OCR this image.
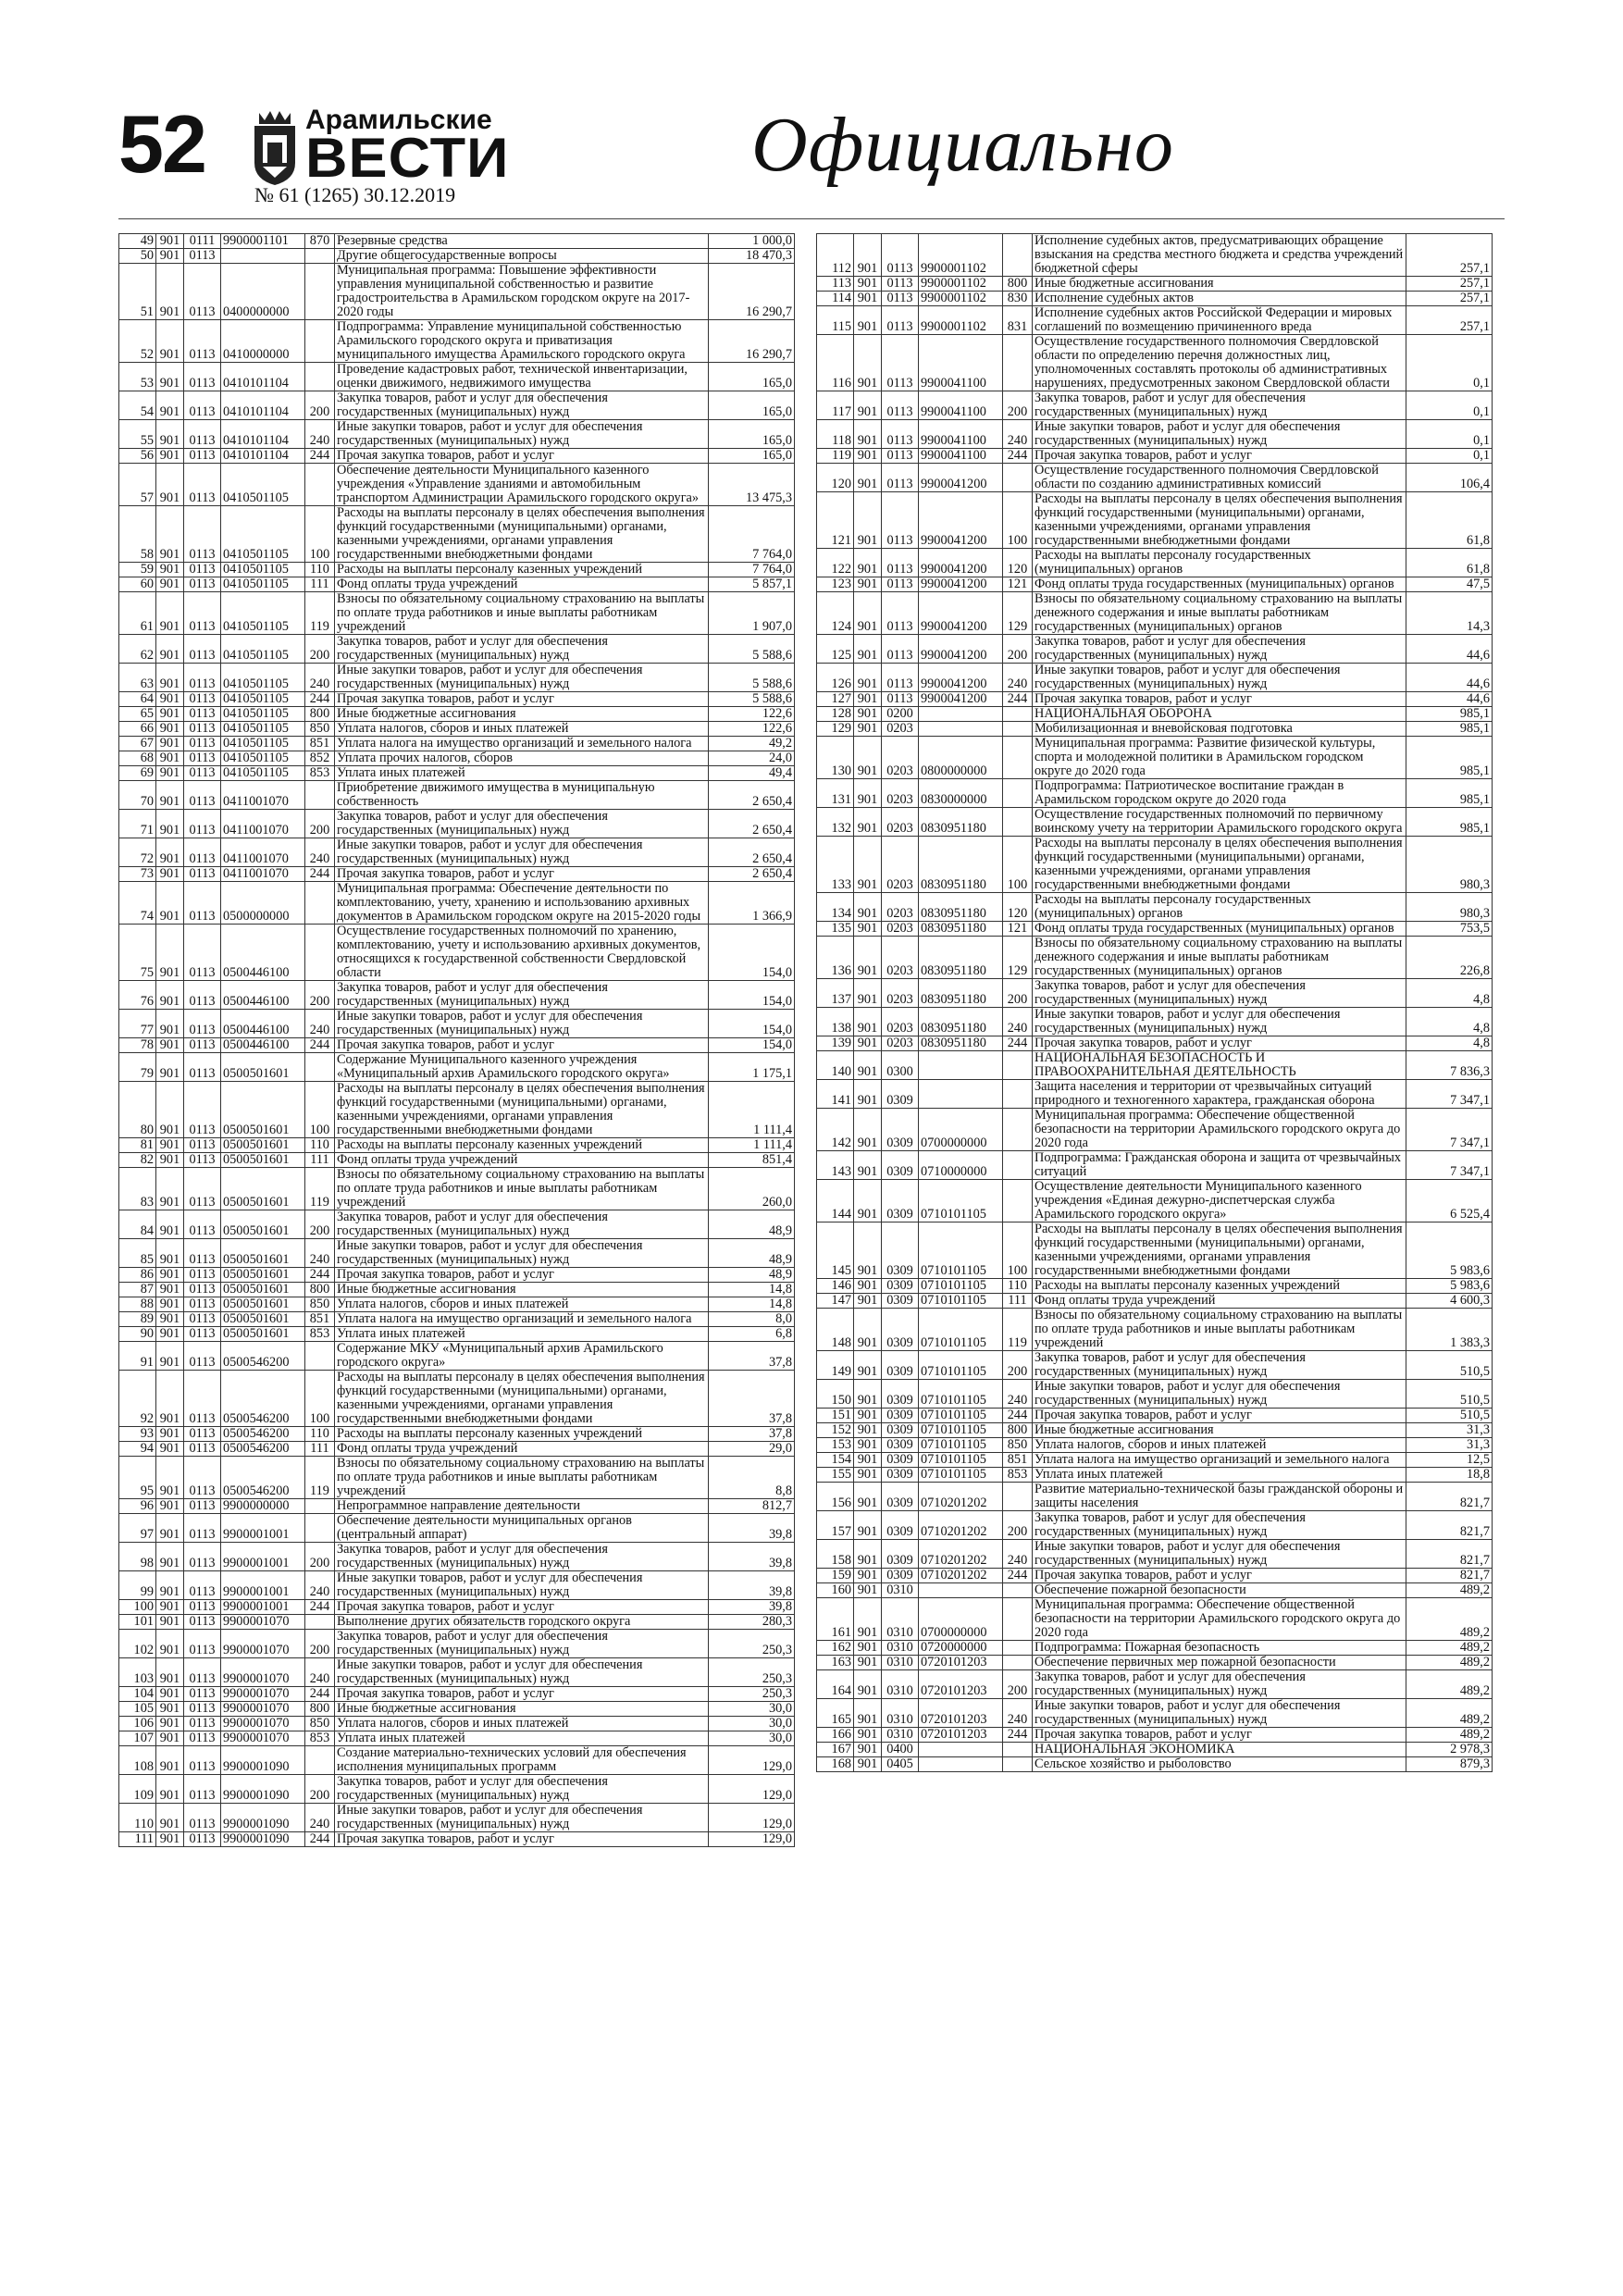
52	Арамильские
ВЕСТИ
№ 61 (1265) 30.12.2019
Официально
49	901	0111	9900001101	870	Резервные средства	1 000,0
50	901	0113			Другие общегосударственные вопросы	18 470,3
51	901	0113	0400000000		Муниципальная программа: Повышение эффективности управления муниципальной собственностью и развитие градостроительства в Арамильском городском округе на 2017-2020 годы	16 290,7
52	901	0113	0410000000		Подпрограмма: Управление муниципальной собственностью Арамильского городского округа и приватизация муниципального имущества Арамильского городского округа	16 290,7
53	901	0113	0410101104		Проведение кадастровых работ, технической инвентаризации, оценки движимого, недвижимого имущества	165,0
54	901	0113	0410101104	200	Закупка товаров, работ и услуг для обеспечения государственных (муниципальных) нужд	165,0
55	901	0113	0410101104	240	Иные закупки товаров, работ и услуг для обеспечения государственных (муниципальных) нужд	165,0
56	901	0113	0410101104	244	Прочая закупка товаров, работ и услуг	165,0
57	901	0113	0410501105		Обеспечение деятельности Муниципального казенного учреждения «Управление зданиями и автомобильным транспортом Администрации Арамильского городского округа»	13 475,3
58	901	0113	0410501105	100	Расходы на выплаты персоналу в целях обеспечения выполнения функций государственными (муниципальными) органами, казенными учреждениями, органами управления государственными внебюджетными фондами	7 764,0
59	901	0113	0410501105	110	Расходы на выплаты персоналу казенных учреждений	7 764,0
60	901	0113	0410501105	111	Фонд оплаты труда учреждений	5 857,1
61	901	0113	0410501105	119	Взносы по обязательному социальному страхованию на выплаты по оплате труда работников и иные выплаты работникам учреждений	1 907,0
62	901	0113	0410501105	200	Закупка товаров, работ и услуг для обеспечения государственных (муниципальных) нужд	5 588,6
63	901	0113	0410501105	240	Иные закупки товаров, работ и услуг для обеспечения государственных (муниципальных) нужд	5 588,6
64	901	0113	0410501105	244	Прочая закупка товаров, работ и услуг	5 588,6
65	901	0113	0410501105	800	Иные бюджетные ассигнования	122,6
66	901	0113	0410501105	850	Уплата налогов, сборов и иных платежей	122,6
67	901	0113	0410501105	851	Уплата налога на имущество организаций и земельного налога	49,2
68	901	0113	0410501105	852	Уплата прочих налогов, сборов	24,0
69	901	0113	0410501105	853	Уплата иных платежей	49,4
70	901	0113	0411001070		Приобретение движимого имущества в муниципальную собственность	2 650,4
71	901	0113	0411001070	200	Закупка товаров, работ и услуг для обеспечения государственных (муниципальных) нужд	2 650,4
72	901	0113	0411001070	240	Иные закупки товаров, работ и услуг для обеспечения государственных (муниципальных) нужд	2 650,4
73	901	0113	0411001070	244	Прочая закупка товаров, работ и услуг	2 650,4
74	901	0113	0500000000		Муниципальная программа: Обеспечение деятельности по комплектованию, учету, хранению и использованию архивных документов в Арамильском городском округе на 2015-2020 годы	1 366,9
75	901	0113	0500446100		Осуществление государственных полномочий по хранению, комплектованию, учету и использованию архивных документов, относящихся к государственной собственности Свердловской области	154,0
76	901	0113	0500446100	200	Закупка товаров, работ и услуг для обеспечения государственных (муниципальных) нужд	154,0
77	901	0113	0500446100	240	Иные закупки товаров, работ и услуг для обеспечения государственных (муниципальных) нужд	154,0
78	901	0113	0500446100	244	Прочая закупка товаров, работ и услуг	154,0
79	901	0113	0500501601		Содержание Муниципального казенного учреждения «Муниципальный архив Арамильского городского округа»	1 175,1
80	901	0113	0500501601	100	Расходы на выплаты персоналу в целях обеспечения выполнения функций государственными (муниципальными) органами, казенными учреждениями, органами управления государственными внебюджетными фондами	1 111,4
81	901	0113	0500501601	110	Расходы на выплаты персоналу казенных учреждений	1 111,4
82	901	0113	0500501601	111	Фонд оплаты труда учреждений	851,4
83	901	0113	0500501601	119	Взносы по обязательному социальному страхованию на выплаты по оплате труда работников и иные выплаты работникам учреждений	260,0
84	901	0113	0500501601	200	Закупка товаров, работ и услуг для обеспечения государственных (муниципальных) нужд	48,9
85	901	0113	0500501601	240	Иные закупки товаров, работ и услуг для обеспечения государственных (муниципальных) нужд	48,9
86	901	0113	0500501601	244	Прочая закупка товаров, работ и услуг	48,9
87	901	0113	0500501601	800	Иные бюджетные ассигнования	14,8
88	901	0113	0500501601	850	Уплата налогов, сборов и иных платежей	14,8
89	901	0113	0500501601	851	Уплата налога на имущество организаций и земельного налога	8,0
90	901	0113	0500501601	853	Уплата иных платежей	6,8
91	901	0113	0500546200		Содержание МКУ «Муниципальный архив Арамильского городского округа»	37,8
92	901	0113	0500546200	100	Расходы на выплаты персоналу в целях обеспечения выполнения функций государственными (муниципальными) органами, казенными учреждениями, органами управления государственными внебюджетными фондами	37,8
93	901	0113	0500546200	110	Расходы на выплаты персоналу казенных учреждений	37,8
94	901	0113	0500546200	111	Фонд оплаты труда учреждений	29,0
95	901	0113	0500546200	119	Взносы по обязательному социальному страхованию на выплаты по оплате труда работников и иные выплаты работникам учреждений	8,8
96	901	0113	9900000000		Непрограммное направление деятельности	812,7
97	901	0113	9900001001		Обеспечение деятельности муниципальных органов (центральный аппарат)	39,8
98	901	0113	9900001001	200	Закупка товаров, работ и услуг для обеспечения государственных (муниципальных) нужд	39,8
99	901	0113	9900001001	240	Иные закупки товаров, работ и услуг для обеспечения государственных (муниципальных) нужд	39,8
100	901	0113	9900001001	244	Прочая закупка товаров, работ и услуг	39,8
101	901	0113	9900001070		Выполнение других обязательств городского округа	280,3
102	901	0113	9900001070	200	Закупка товаров, работ и услуг для обеспечения государственных (муниципальных) нужд	250,3
103	901	0113	9900001070	240	Иные закупки товаров, работ и услуг для обеспечения государственных (муниципальных) нужд	250,3
104	901	0113	9900001070	244	Прочая закупка товаров, работ и услуг	250,3
105	901	0113	9900001070	800	Иные бюджетные ассигнования	30,0
106	901	0113	9900001070	850	Уплата налогов, сборов и иных платежей	30,0
107	901	0113	9900001070	853	Уплата иных платежей	30,0
108	901	0113	9900001090		Создание материально-технических условий для обеспечения исполнения муниципальных программ	129,0
109	901	0113	9900001090	200	Закупка товаров, работ и услуг для обеспечения государственных (муниципальных) нужд	129,0
110	901	0113	9900001090	240	Иные закупки товаров, работ и услуг для обеспечения государственных (муниципальных) нужд	129,0
111	901	0113	9900001090	244	Прочая закупка товаров, работ и услуг	129,0
112	901	0113	9900001102		Исполнение судебных актов, предусматривающих обращение взыскания на средства местного бюджета и средства учреждений бюджетной сферы	257,1
113	901	0113	9900001102	800	Иные бюджетные ассигнования	257,1
114	901	0113	9900001102	830	Исполнение судебных актов	257,1
115	901	0113	9900001102	831	Исполнение судебных актов Российской Федерации и мировых соглашений по возмещению причиненного вреда	257,1
116	901	0113	9900041100		Осуществление государственного полномочия Свердловской области по определению перечня должностных лиц, уполномоченных составлять протоколы об административных нарушениях, предусмотренных законом Свердловской области	0,1
117	901	0113	9900041100	200	Закупка товаров, работ и услуг для обеспечения государственных (муниципальных) нужд	0,1
118	901	0113	9900041100	240	Иные закупки товаров, работ и услуг для обеспечения государственных (муниципальных) нужд	0,1
119	901	0113	9900041100	244	Прочая закупка товаров, работ и услуг	0,1
120	901	0113	9900041200		Осуществление государственного полномочия Свердловской области по созданию административных комиссий	106,4
121	901	0113	9900041200	100	Расходы на выплаты персоналу в целях обеспечения выполнения функций государственными (муниципальными) органами, казенными учреждениями, органами управления государственными внебюджетными фондами	61,8
122	901	0113	9900041200	120	Расходы на выплаты персоналу государственных (муниципальных) органов	61,8
123	901	0113	9900041200	121	Фонд оплаты труда государственных (муниципальных) органов	47,5
124	901	0113	9900041200	129	Взносы по обязательному социальному страхованию на выплаты денежного содержания и иные выплаты работникам государственных (муниципальных) органов	14,3
125	901	0113	9900041200	200	Закупка товаров, работ и услуг для обеспечения государственных (муниципальных) нужд	44,6
126	901	0113	9900041200	240	Иные закупки товаров, работ и услуг для обеспечения государственных (муниципальных) нужд	44,6
127	901	0113	9900041200	244	Прочая закупка товаров, работ и услуг	44,6
128	901	0200			НАЦИОНАЛЬНАЯ ОБОРОНА	985,1
129	901	0203			Мобилизационная и вневойсковая подготовка	985,1
130	901	0203	0800000000		Муниципальная программа: Развитие физической культуры, спорта и молодежной политики в Арамильском городском округе до 2020 года	985,1
131	901	0203	0830000000		Подпрограмма: Патриотическое воспитание граждан в Арамильском городском округе до 2020 года	985,1
132	901	0203	0830951180		Осуществление государственных полномочий по первичному воинскому учету на территории Арамильского городского округа	985,1
133	901	0203	0830951180	100	Расходы на выплаты персоналу в целях обеспечения выполнения функций государственными (муниципальными) органами, казенными учреждениями, органами управления государственными внебюджетными фондами	980,3
134	901	0203	0830951180	120	Расходы на выплаты персоналу государственных (муниципальных) органов	980,3
135	901	0203	0830951180	121	Фонд оплаты труда государственных (муниципальных) органов	753,5
136	901	0203	0830951180	129	Взносы по обязательному социальному страхованию на выплаты денежного содержания и иные выплаты работникам государственных (муниципальных) органов	226,8
137	901	0203	0830951180	200	Закупка товаров, работ и услуг для обеспечения государственных (муниципальных) нужд	4,8
138	901	0203	0830951180	240	Иные закупки товаров, работ и услуг для обеспечения государственных (муниципальных) нужд	4,8
139	901	0203	0830951180	244	Прочая закупка товаров, работ и услуг	4,8
140	901	0300			НАЦИОНАЛЬНАЯ БЕЗОПАСНОСТЬ И ПРАВООХРАНИТЕЛЬНАЯ ДЕЯТЕЛЬНОСТЬ	7 836,3
141	901	0309			Защита населения и территории от чрезвычайных ситуаций природного и техногенного характера, гражданская оборона	7 347,1
142	901	0309	0700000000		Муниципальная программа: Обеспечение общественной безопасности на территории Арамильского городского округа до 2020 года	7 347,1
143	901	0309	0710000000		Подпрограмма: Гражданская оборона и защита от чрезвычайных ситуаций	7 347,1
144	901	0309	0710101105		Осуществление деятельности Муниципального казенного учреждения «Единая дежурно-диспетчерская служба Арамильского городского округа»	6 525,4
145	901	0309	0710101105	100	Расходы на выплаты персоналу в целях обеспечения выполнения функций государственными (муниципальными) органами, казенными учреждениями, органами управления государственными внебюджетными фондами	5 983,6
146	901	0309	0710101105	110	Расходы на выплаты персоналу казенных учреждений	5 983,6
147	901	0309	0710101105	111	Фонд оплаты труда учреждений	4 600,3
148	901	0309	0710101105	119	Взносы по обязательному социальному страхованию на выплаты по оплате труда работников и иные выплаты работникам учреждений	1 383,3
149	901	0309	0710101105	200	Закупка товаров, работ и услуг для обеспечения государственных (муниципальных) нужд	510,5
150	901	0309	0710101105	240	Иные закупки товаров, работ и услуг для обеспечения государственных (муниципальных) нужд	510,5
151	901	0309	0710101105	244	Прочая закупка товаров, работ и услуг	510,5
152	901	0309	0710101105	800	Иные бюджетные ассигнования	31,3
153	901	0309	0710101105	850	Уплата налогов, сборов и иных платежей	31,3
154	901	0309	0710101105	851	Уплата налога на имущество организаций и земельного налога	12,5
155	901	0309	0710101105	853	Уплата иных платежей	18,8
156	901	0309	0710201202		Развитие материально-технической базы гражданской обороны и защиты населения	821,7
157	901	0309	0710201202	200	Закупка товаров, работ и услуг для обеспечения государственных (муниципальных) нужд	821,7
158	901	0309	0710201202	240	Иные закупки товаров, работ и услуг для обеспечения государственных (муниципальных) нужд	821,7
159	901	0309	0710201202	244	Прочая закупка товаров, работ и услуг	821,7
160	901	0310			Обеспечение пожарной безопасности	489,2
161	901	0310	0700000000		Муниципальная программа: Обеспечение общественной безопасности на территории Арамильского городского округа до 2020 года	489,2
162	901	0310	0720000000		Подпрограмма: Пожарная безопасность	489,2
163	901	0310	0720101203		Обеспечение первичных мер пожарной безопасности	489,2
164	901	0310	0720101203	200	Закупка товаров, работ и услуг для обеспечения государственных (муниципальных) нужд	489,2
165	901	0310	0720101203	240	Иные закупки товаров, работ и услуг для обеспечения государственных (муниципальных) нужд	489,2
166	901	0310	0720101203	244	Прочая закупка товаров, работ и услуг	489,2
167	901	0400			НАЦИОНАЛЬНАЯ ЭКОНОМИКА	2 978,3
168	901	0405			Сельское хозяйство и рыболовство	879,3
